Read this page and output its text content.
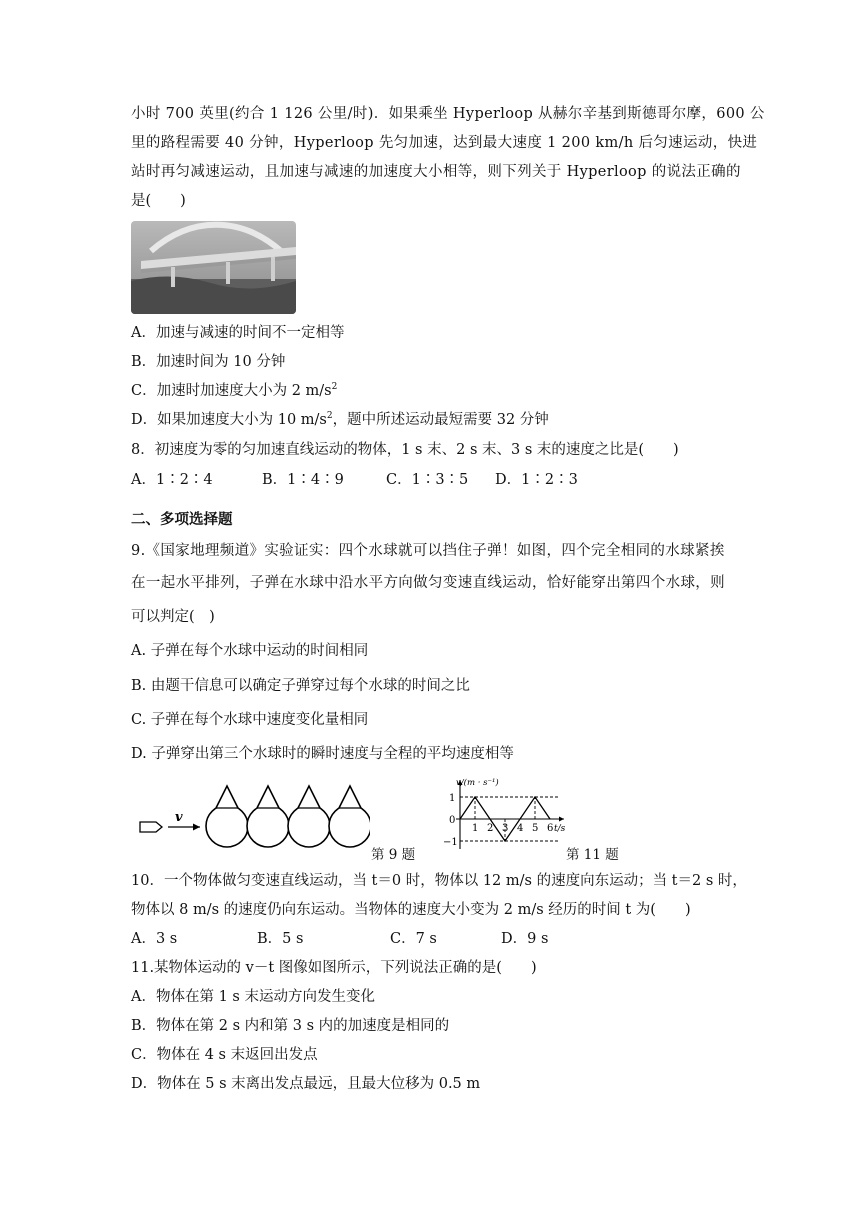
小时 700 英里(约合 1 126 公里/时)．如果乘坐 Hyperloop 从赫尔辛基到斯德哥尔摩，600 公
里的路程需要 40 分钟，Hyperloop 先匀加速，达到最大速度 1 200 km/h 后匀速运动，快进
站时再匀减速运动，且加速与减速的加速度大小相等，则下列关于 Hyperloop 的说法正确的
是(　　)
A．加速与减速的时间不一定相等
B．加速时间为 10 分钟
C．加速时加速度大小为 2 $m/s^2$
D．如果加速度大小为 10 $m/s^2$，题中所述运动最短需要 32 分钟
8．初速度为零的匀加速直线运动的物体，1 s 末、2 s 末、3 s 末的速度之比是(　　)
A．1∶2∶4	B．1∶4∶9	C．1∶3∶5 D．1∶2∶3
二、多项选择题
9.《国家地理频道》实验证实：四个水球就可以挡住子弹！如图，四个完全相同的水球紧挨
在一起水平排列，子弹在水球中沿水平方向做匀变速直线运动，恰好能穿出第四个水球，则
可以判定(　)
A. 子弹在每个水球中运动的时间相同
B. 由题干信息可以确定子弹穿过每个水球的时间之比
C. 子弹在每个水球中速度变化量相同
D. 子弹穿出第三个水球时的瞬时速度与全程的平均速度相等
v
第 9 题
v/(m · s⁻¹)
1
0
−1
1 2 3 4 5 6 t/s
第 11 题
10．一个物体做匀变速直线运动，当 t＝0 时，物体以 12 m/s 的速度向东运动；当 t＝2 s 时，
物体以 8 m/s 的速度仍向东运动。当物体的速度大小变为 2 m/s 经历的时间 t 为(　　)
A．3 s	B．5 s	C．7 s	D．9 s
11.某物体运动的 v－t 图像如图所示，下列说法正确的是(　　)
A．物体在第 1 s 末运动方向发生变化
B．物体在第 2 s 内和第 3 s 内的加速度是相同的
C．物体在 4 s 末返回出发点
D．物体在 5 s 末离出发点最远，且最大位移为 0.5 m
